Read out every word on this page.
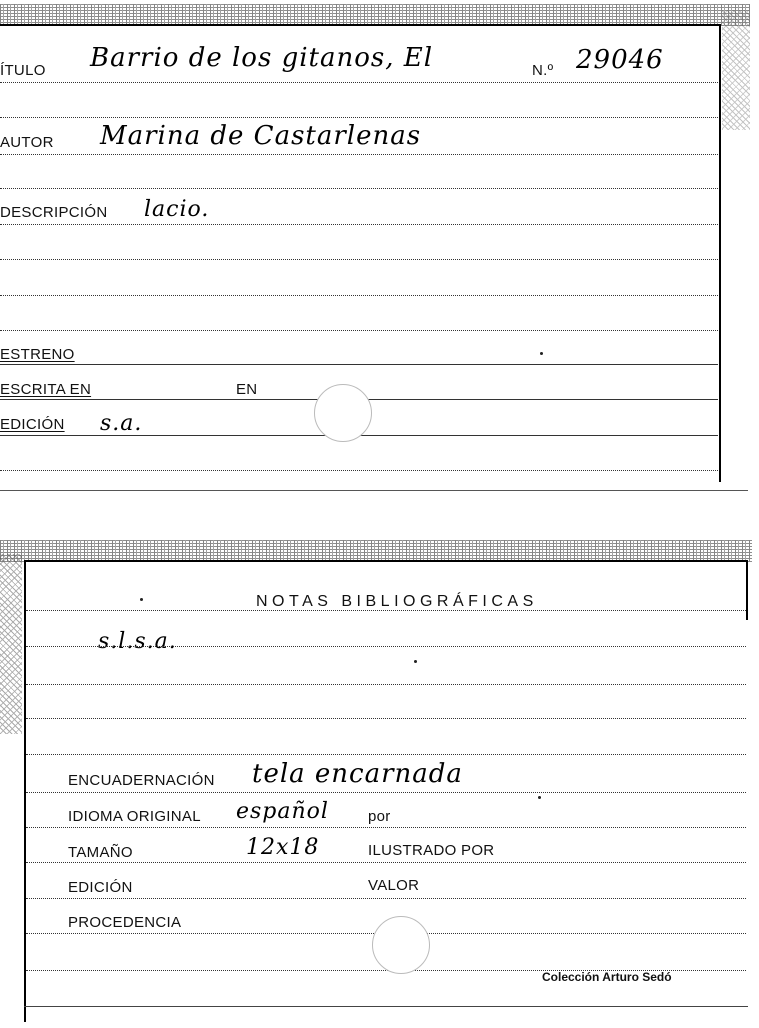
ÍTULO Barrio de los gitanos, El	N.º 29046
AUTOR Marina de Castarlenas
DESCRIPCIÓN lacio.
ESTRENO
ESCRITA EN	EN
EDICIÓN s.a.
NOTAS BIBLIOGRÁFICAS
s.l.s.a.
ENCUADERNACIÓN tela encarnada
IDIOMA ORIGINAL español	por
TAMAÑO	12x18	ILUSTRADO POR
EDICIÓN	VALOR
PROCEDENCIA
Colección Arturo Sedó
